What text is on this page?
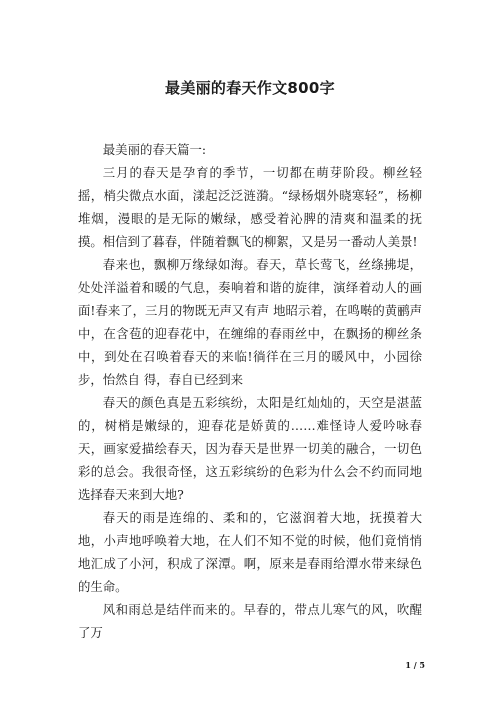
最美丽的春天作文800字

最美丽的春天篇一:

三月的春天是孕育的季节，一切都在萌芽阶段。柳丝轻摇，梢尖微点水面，漾起泛泛涟漪。“绿杨烟外晓寒轻”，杨柳堆烟，漫眼的是无际的嫩绿，感受着沁脾的清爽和温柔的抚摸。相信到了暮春，伴随着飘飞的柳絮，又是另一番动人美景!

春来也，飘柳万缘绿如海。春天，草长莺飞，丝绦拂堤，处处洋溢着和暖的气息，奏响着和谐的旋律，演绎着动人的画面!春来了，三月的物既无声又有声 地昭示着，在鸣啭的黄鹂声中，在含苞的迎春花中，在缠绵的春雨丝中，在飘扬的柳丝条中，到处在召唤着春天的来临!徜徉在三月的暖风中，小园徐步，怡然自 得，春自已经到来

春天的颜色真是五彩缤纷，太阳是红灿灿的，天空是湛蓝的，树梢是嫩绿的，迎春花是娇黄的……难怪诗人爱吟咏春天，画家爱描绘春天，因为春天是世界一切美的融合，一切色彩的总会。我很奇怪，这五彩缤纷的色彩为什么会不约而同地选择春天来到大地?

春天的雨是连绵的、柔和的，它滋润着大地，抚摸着大地，小声地呼唤着大地，在人们不知不觉的时候，他们竟悄悄地汇成了小河，积成了深潭。啊，原来是春雨给潭水带来绿色的生命。

风和雨总是结伴而来的。早春的，带点儿寒气的风，吹醒了万

1 / 5
